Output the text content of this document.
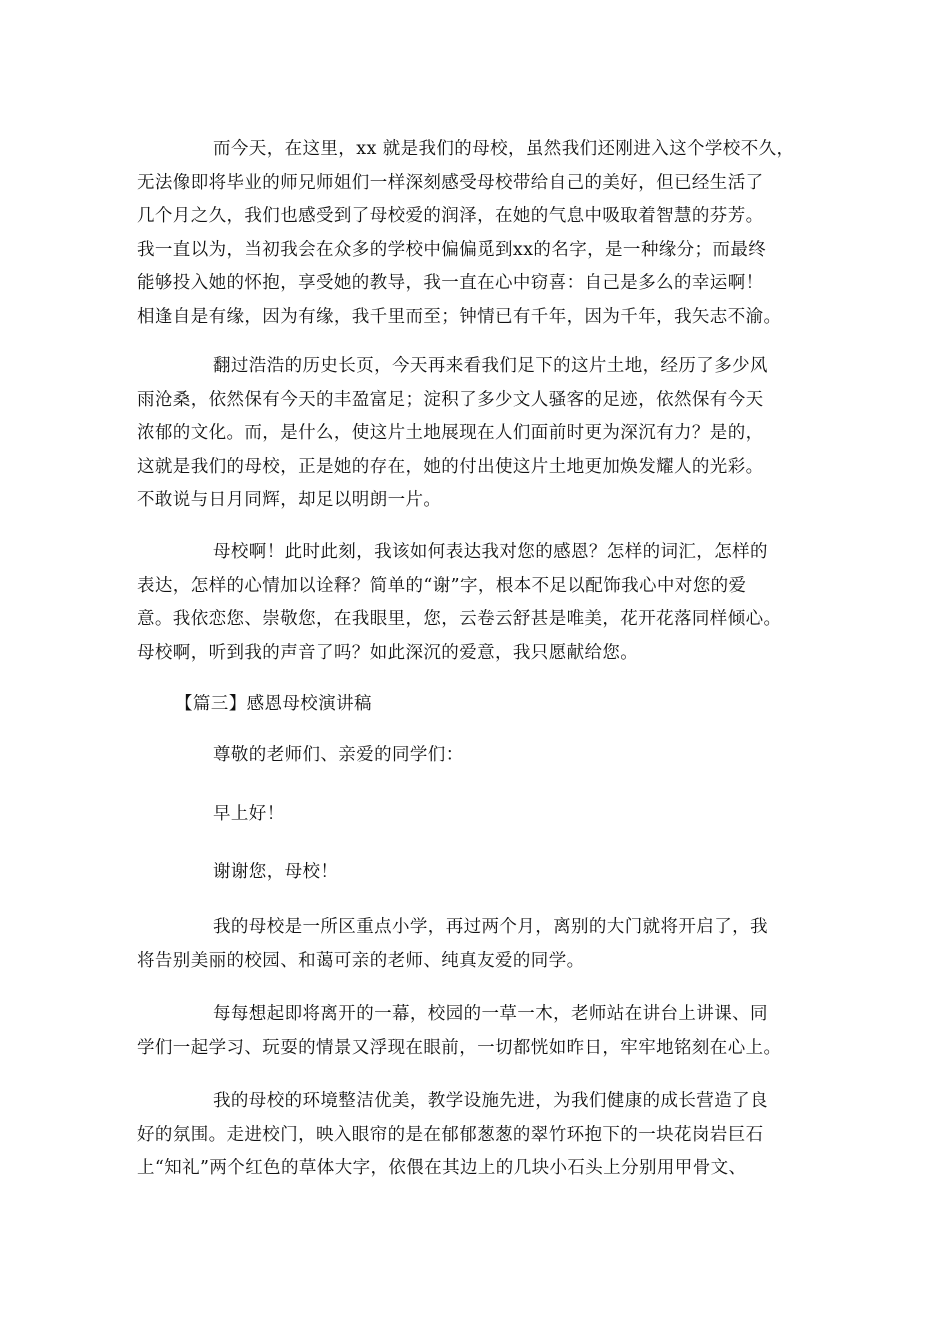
而今天，在这里，xx 就是我们的母校，虽然我们还刚进入这个学校不久，
无法像即将毕业的师兄师姐们一样深刻感受母校带给自己的美好，但已经生活了
几个月之久，我们也感受到了母校爱的润泽，在她的气息中吸取着智慧的芬芳。
我一直以为，当初我会在众多的学校中偏偏觅到xx的名字，是一种缘分；而最终
能够投入她的怀抱，享受她的教导，我一直在心中窃喜：自己是多么的幸运啊！
相逢自是有缘，因为有缘，我千里而至；钟情已有千年，因为千年，我矢志不渝。
翻过浩浩的历史长页，今天再来看我们足下的这片土地，经历了多少风
雨沧桑，依然保有今天的丰盈富足；淀积了多少文人骚客的足迹，依然保有今天
浓郁的文化。而，是什么，使这片土地展现在人们面前时更为深沉有力？是的，
这就是我们的母校，正是她的存在，她的付出使这片土地更加焕发耀人的光彩。
不敢说与日月同辉，却足以明朗一片。
母校啊！此时此刻，我该如何表达我对您的感恩？怎样的词汇，怎样的
表达，怎样的心情加以诠释？简单的“谢”字，根本不足以配饰我心中对您的爱
意。我依恋您、崇敬您，在我眼里，您，云卷云舒甚是唯美，花开花落同样倾心。
母校啊，听到我的声音了吗？如此深沉的爱意，我只愿献给您。
【篇三】感恩母校演讲稿
尊敬的老师们、亲爱的同学们：
早上好！
谢谢您，母校！
我的母校是一所区重点小学，再过两个月，离别的大门就将开启了，我
将告别美丽的校园、和蔼可亲的老师、纯真友爱的同学。
每每想起即将离开的一幕，校园的一草一木，老师站在讲台上讲课、同
学们一起学习、玩耍的情景又浮现在眼前，一切都恍如昨日，牢牢地铭刻在心上。
我的母校的环境整洁优美，教学设施先进，为我们健康的成长营造了良
好的氛围。走进校门，映入眼帘的是在郁郁葱葱的翠竹环抱下的一块花岗岩巨石
上“知礼”两个红色的草体大字，依偎在其边上的几块小石头上分别用甲骨文、
